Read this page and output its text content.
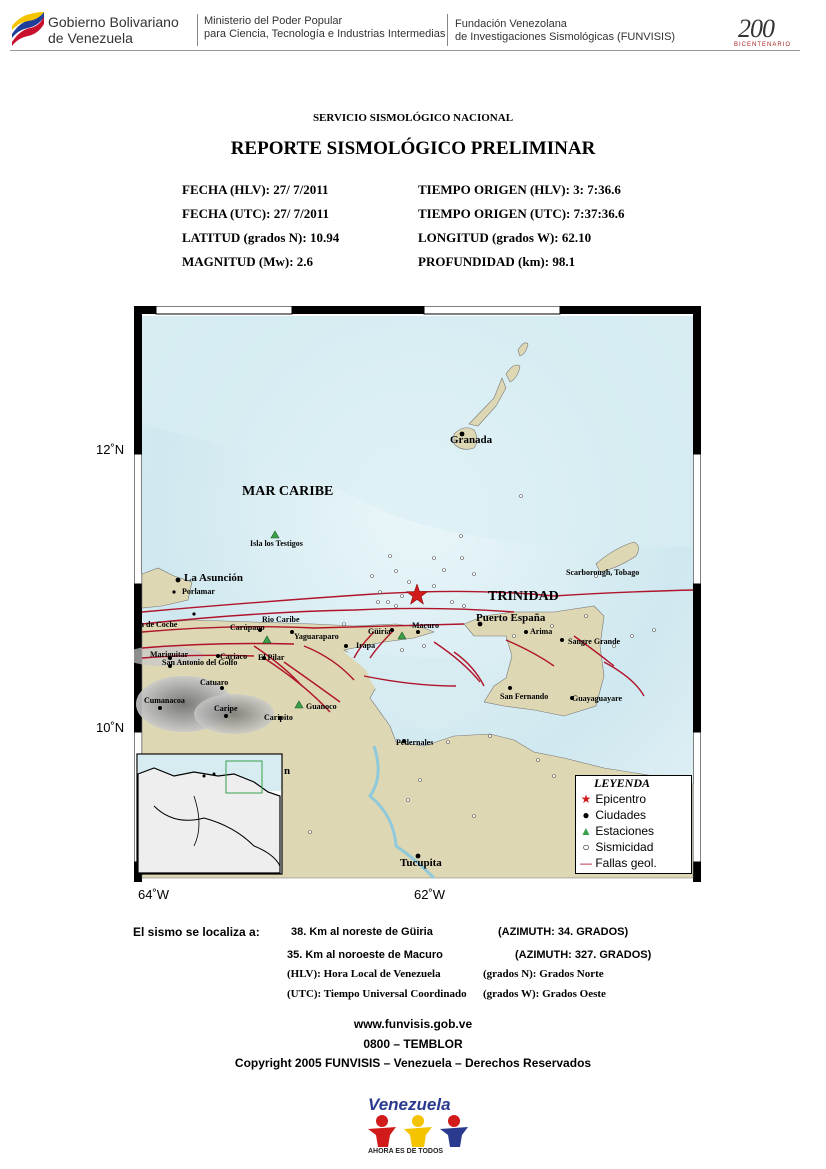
Gobierno Bolivariano
de Venezuela
Ministerio del Poder Popular
para Ciencia, Tecnología e Industrias Intermedias
Fundación Venezolana
de Investigaciones Sismológicas (FUNVISIS) 200
BICENTENARIO
SERVICIO SISMOLÓGICO NACIONAL
REPORTE SISMOLÓGICO PRELIMINAR
FECHA (HLV): 27/ 7/2011	TIEMPO ORIGEN (HLV): 3: 7:36.6
FECHA (UTC): 27/ 7/2011	TIEMPO ORIGEN (UTC): 7:37:36.6
LATITUD (grados N): 10.94	LONGITUD (grados W): 62.10
MAGNITUD (Mw): 2.6	PROFUNDIDAD (km): 98.1
12˚N
10˚N
64˚W	62˚W
MAR CARIBE
Granada
TRINIDAD
La Asunción
Porlamar
Isla los Testigos
Scarborough, Tobago
Puerto España
Arima
Sangre Grande
San Fernando	Guayaguayare
Rio Caribe
Carúpano
Yaguaraparo
Güiria
Macuro
Irapa
a de Coche
Mariguitar	Cariaco El Pilar
San Antonio del Golfo
Catuaro
Cumanacoa
Caripe
Caripito
Guanoco
Pedernales
Tucupita
n
LEYENDA
★ Epicentro
● Ciudades
▲ Estaciones
○ Sismicidad
— Fallas geol.
El sismo se localiza a:	38. Km al noreste de Güiria	(AZIMUTH: 34. GRADOS)
35. Km al noroeste de Macuro	(AZIMUTH: 327. GRADOS)
(HLV): Hora Local de Venezuela	(grados N): Grados Norte
(UTC): Tiempo Universal Coordinado (grados W): Grados Oeste
www.funvisis.gob.ve
0800 – TEMBLOR
Copyright 2005 FUNVISIS – Venezuela – Derechos Reservados
Venezuela
AHORA ES DE TODOS
